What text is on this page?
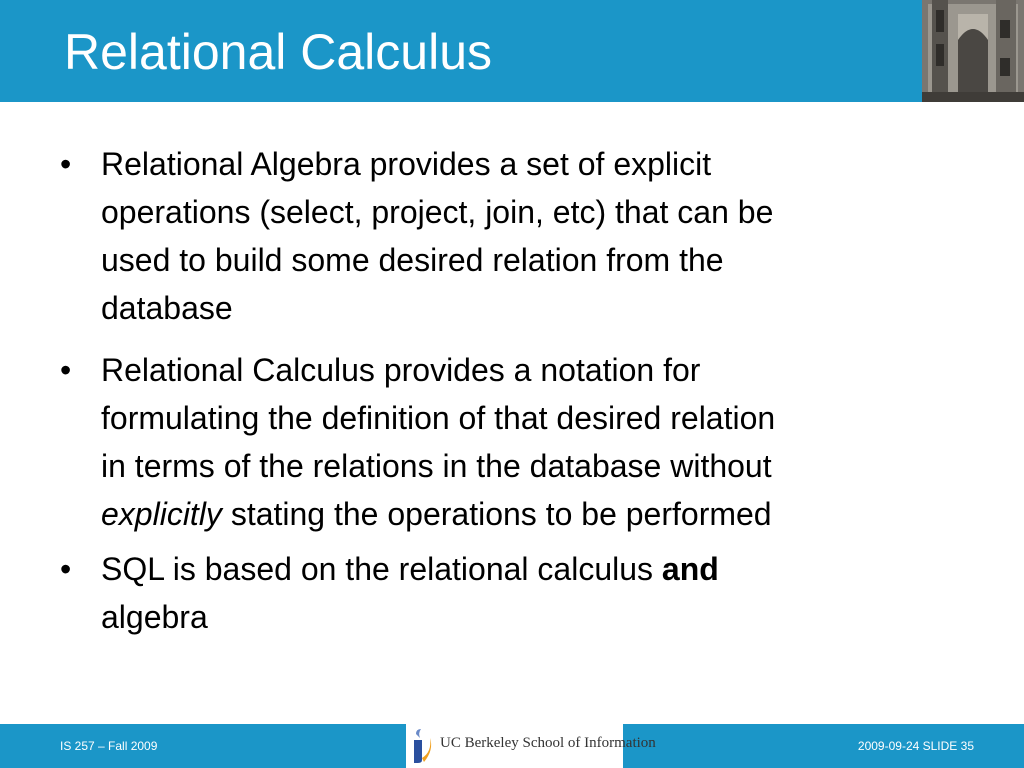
Relational Calculus
• Relational Algebra provides a set of explicit
operations (select, project, join, etc) that can be
used to build some desired relation from the
database
• Relational Calculus provides a notation for
formulating the definition of that desired relation
in terms of the relations in the database without
explicitly stating the operations to be performed
• SQL is based on the relational calculus and
algebra
IS 257 – Fall 2009	UC Berkeley School of Information	2009-09-24 SLIDE 35
